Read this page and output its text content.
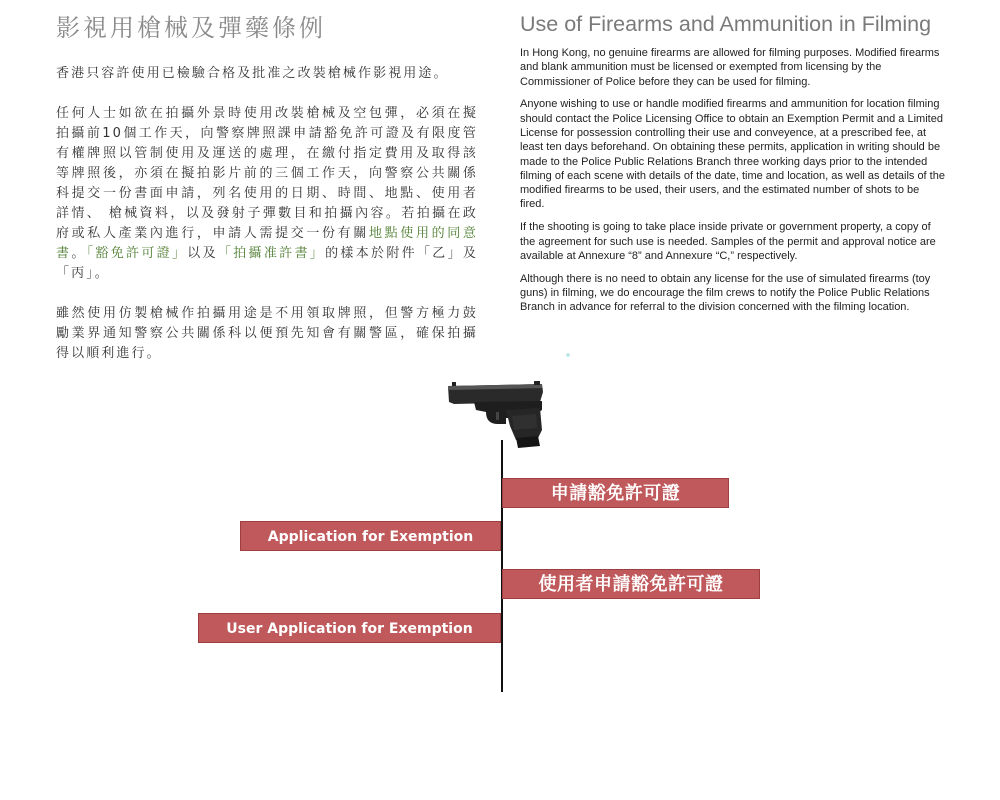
影視用槍械及彈藥條例

香港只容許使用已檢驗合格及批准之改裝槍械作影視用途。

任何人士如欲在拍攝外景時使用改裝槍械及空包彈，必須在擬拍攝前10個工作天，向警察牌照課申請豁免許可證及有限度管有權牌照以管制使用及運送的處理，在繳付指定費用及取得該等牌照後，亦須在擬拍影片前的三個工作天，向警察公共關係科提交一份書面申請，列名使用的日期、時間、地點、使用者詳情、 槍械資料，以及發射子彈數目和拍攝內容。若拍攝在政府或私人產業內進行，申請人需提交一份有關地點使用的同意書。「豁免許可證」以及「拍攝准許書」的樣本於附件「乙」及「丙」。

雖然使用仿製槍械作拍攝用途是不用領取牌照，但警方極力鼓勵業界通知警察公共關係科以便預先知會有關警區，確保拍攝得以順利進行。

Use of Firearms and Ammunition in Filming

In Hong Kong, no genuine firearms are allowed for filming purposes. Modified firearms and blank ammunition must be licensed or exempted from licensing by the Commissioner of Police before they can be used for filming.

Anyone wishing to use or handle modified firearms and ammunition for location filming should contact the Police Licensing Office to obtain an Exemption Permit and a Limited License for possession controlling their use and conveyence, at a prescribed fee, at least ten days beforehand. On obtaining these permits, application in writing should be made to the Police Public Relations Branch three working days prior to the intended filming of each scene with details of the date, time and location, as well as details of the modified firearms to be used, their users, and the estimated number of shots to be fired.

If the shooting is going to take place inside private or government property, a copy of the agreement for such use is needed. Samples of the permit and approval notice are available at Annexure “8” and Annexure “C,” respectively.

Although there is no need to obtain any license for the use of simulated firearms (toy guns) in filming, we do encourage the film crews to notify the Police Public Relations Branch in advance for referral to the division concerned with the filming location.

申請豁免許可證
Application for Exemption Permit
使用者申請豁免許可證
User Application for Exemption Permit
